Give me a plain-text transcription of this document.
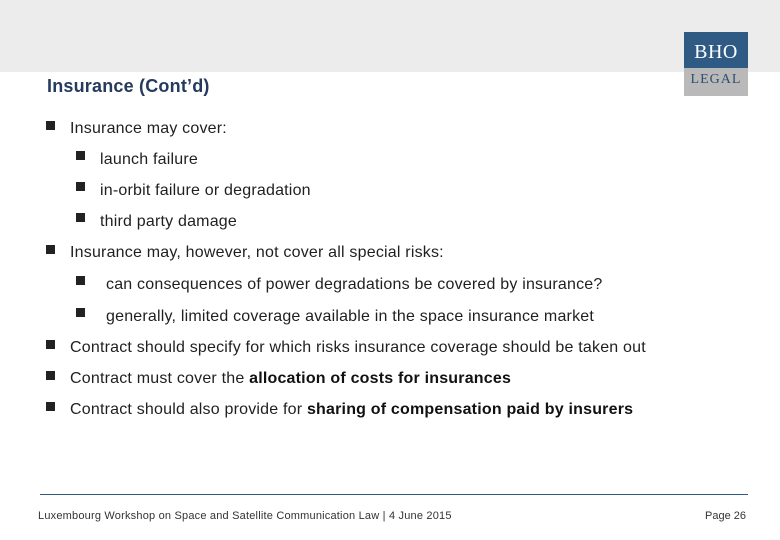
Insurance (Cont’d)
BHO
LEGAL
Insurance may cover:
launch failure
in-orbit failure or degradation
third party damage
Insurance may, however, not cover all special risks:
can consequences of power degradations be covered by insurance?
generally, limited coverage available in the space insurance market
Contract should specify for which risks insurance coverage should be taken out
Contract must cover the allocation of costs for insurances
Contract should also provide for sharing of compensation paid by insurers
Luxembourg Workshop on Space and Satellite Communication Law | 4 June 2015	Page 26
